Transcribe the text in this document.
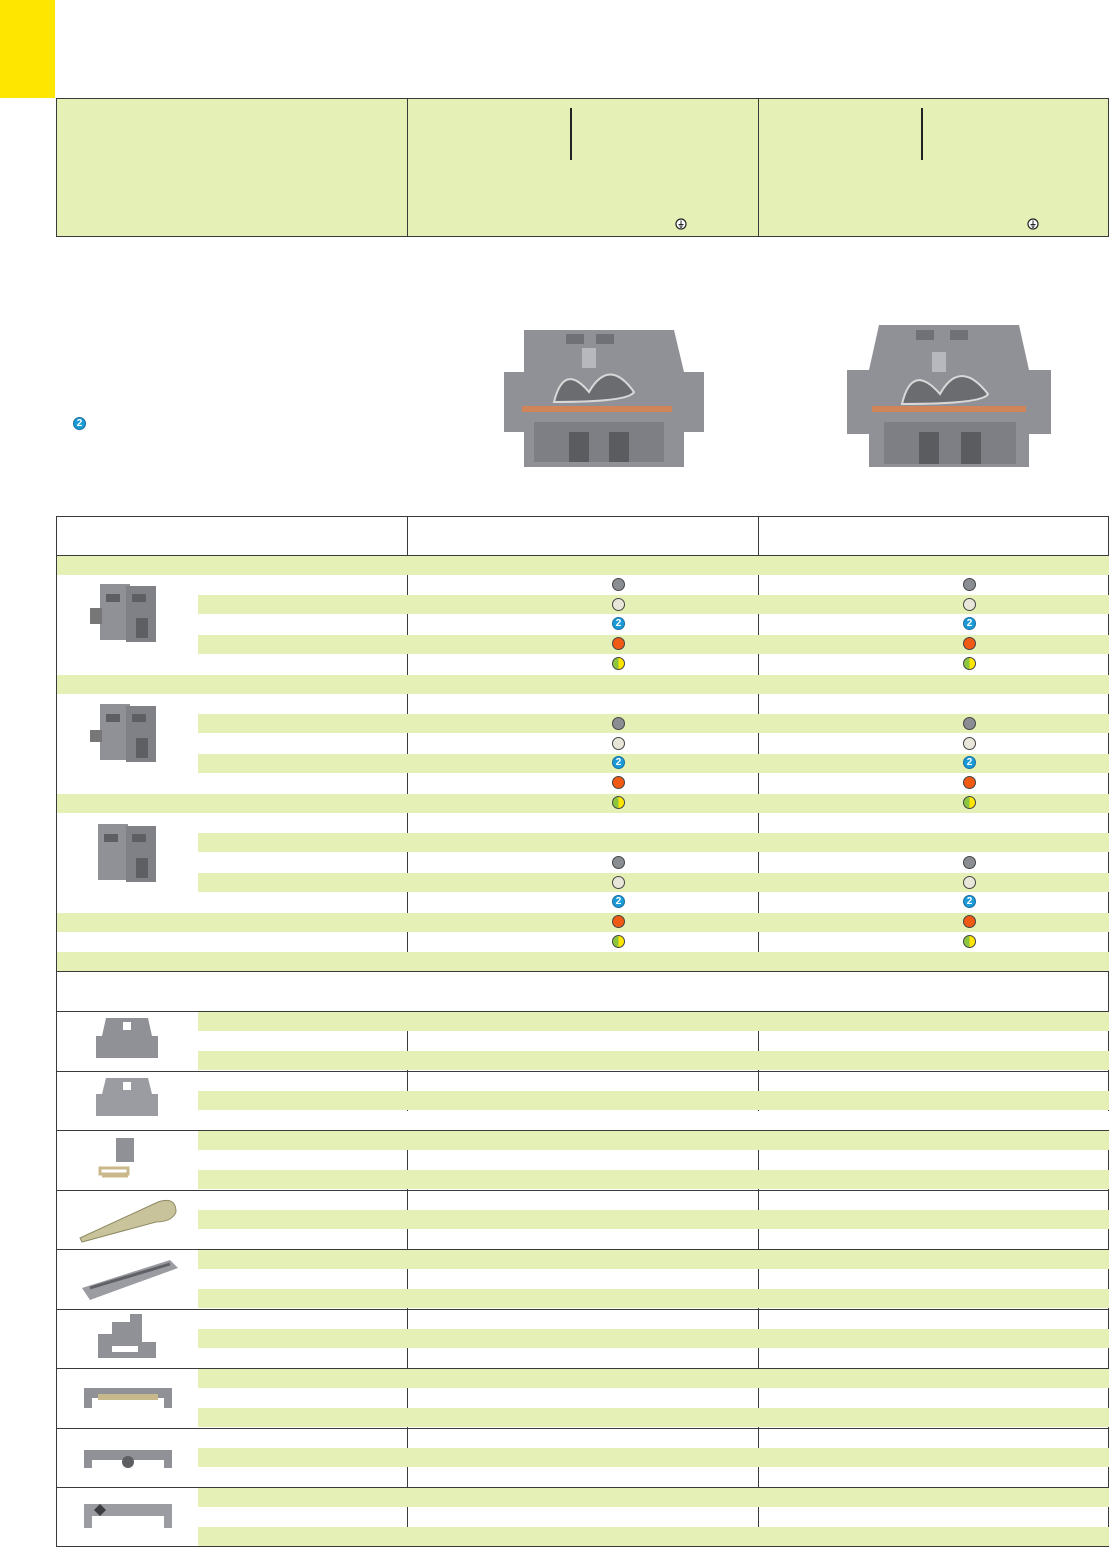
2
2
2
2
2
2
2
